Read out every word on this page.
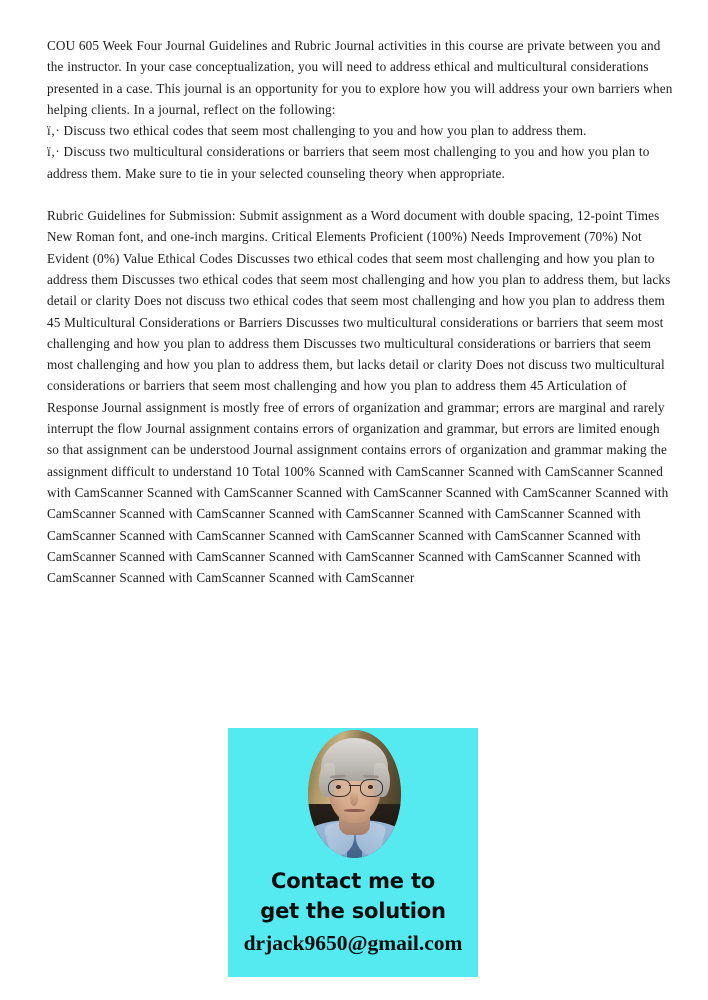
COU 605 Week Four Journal Guidelines and Rubric Journal activities in this course are private between you and the instructor. In your case conceptualization, you will need to address ethical and multicultural considerations presented in a case. This journal is an opportunity for you to explore how you will address your own barriers when helping clients. In a journal, reflect on the following:

ï‚· Discuss two ethical codes that seem most challenging to you and how you plan to address them.

ï‚· Discuss two multicultural considerations or barriers that seem most challenging to you and how you plan to address them. Make sure to tie in your selected counseling theory when appropriate.

Rubric Guidelines for Submission: Submit assignment as a Word document with double spacing, 12-point Times New Roman font, and one-inch margins. Critical Elements Proficient (100%) Needs Improvement (70%) Not Evident (0%) Value Ethical Codes Discusses two ethical codes that seem most challenging and how you plan to address them Discusses two ethical codes that seem most challenging and how you plan to address them, but lacks detail or clarity Does not discuss two ethical codes that seem most challenging and how you plan to address them 45 Multicultural Considerations or Barriers Discusses two multicultural considerations or barriers that seem most challenging and how you plan to address them Discusses two multicultural considerations or barriers that seem most challenging and how you plan to address them, but lacks detail or clarity Does not discuss two multicultural considerations or barriers that seem most challenging and how you plan to address them 45 Articulation of Response Journal assignment is mostly free of errors of organization and grammar; errors are marginal and rarely interrupt the flow Journal assignment contains errors of organization and grammar, but errors are limited enough so that assignment can be understood Journal assignment contains errors of organization and grammar making the assignment difficult to understand 10 Total 100% Scanned with CamScanner Scanned with CamScanner Scanned with CamScanner Scanned with CamScanner Scanned with CamScanner Scanned with CamScanner Scanned with CamScanner Scanned with CamScanner Scanned with CamScanner Scanned with CamScanner Scanned with CamScanner Scanned with CamScanner Scanned with CamScanner Scanned with CamScanner Scanned with CamScanner Scanned with CamScanner Scanned with CamScanner Scanned with CamScanner Scanned with CamScanner Scanned with CamScanner Scanned with CamScanner

Contact me to
get the solution
drjack9650@gmail.com
